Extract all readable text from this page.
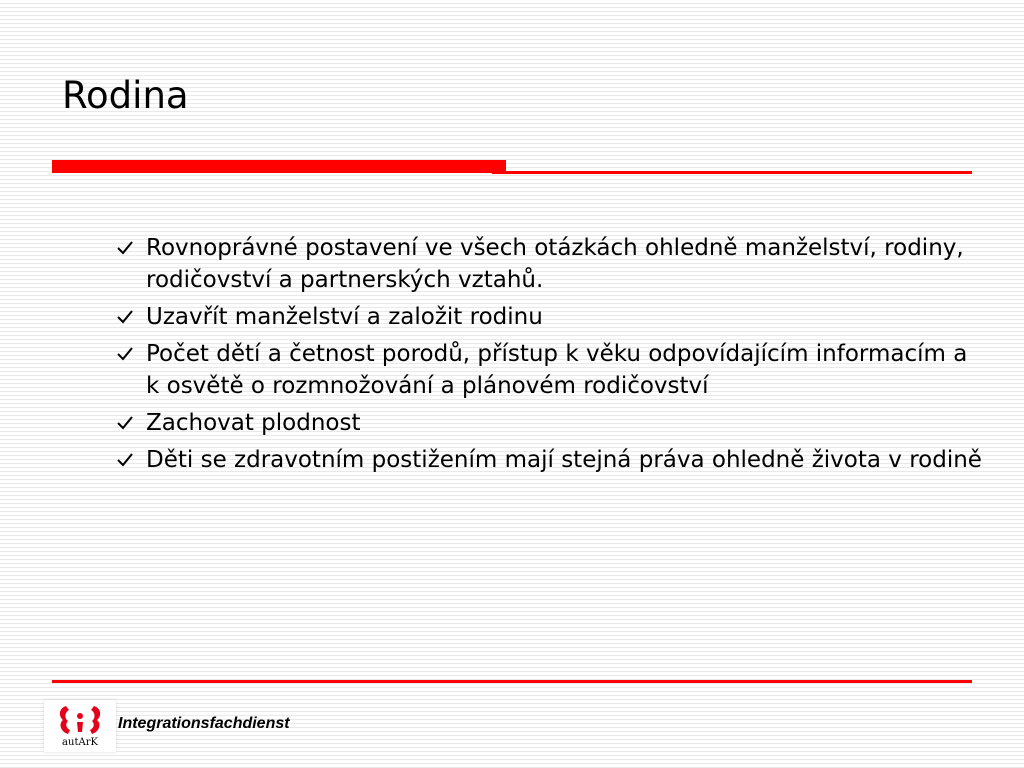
Rodina
Rovnoprávné postavení ve všech otázkách ohledně manželství, rodiny, rodičovství a partnerských vztahů.
Uzavřít manželství a založit rodinu
Počet dětí a četnost porodů, přístup k věku odpovídajícím informacím a k osvětě o rozmnožování a plánovém rodičovství
Zachovat plodnost
Děti se zdravotním postižením mají stejná práva ohledně života v rodině
autArK
Integrationsfachdienst
